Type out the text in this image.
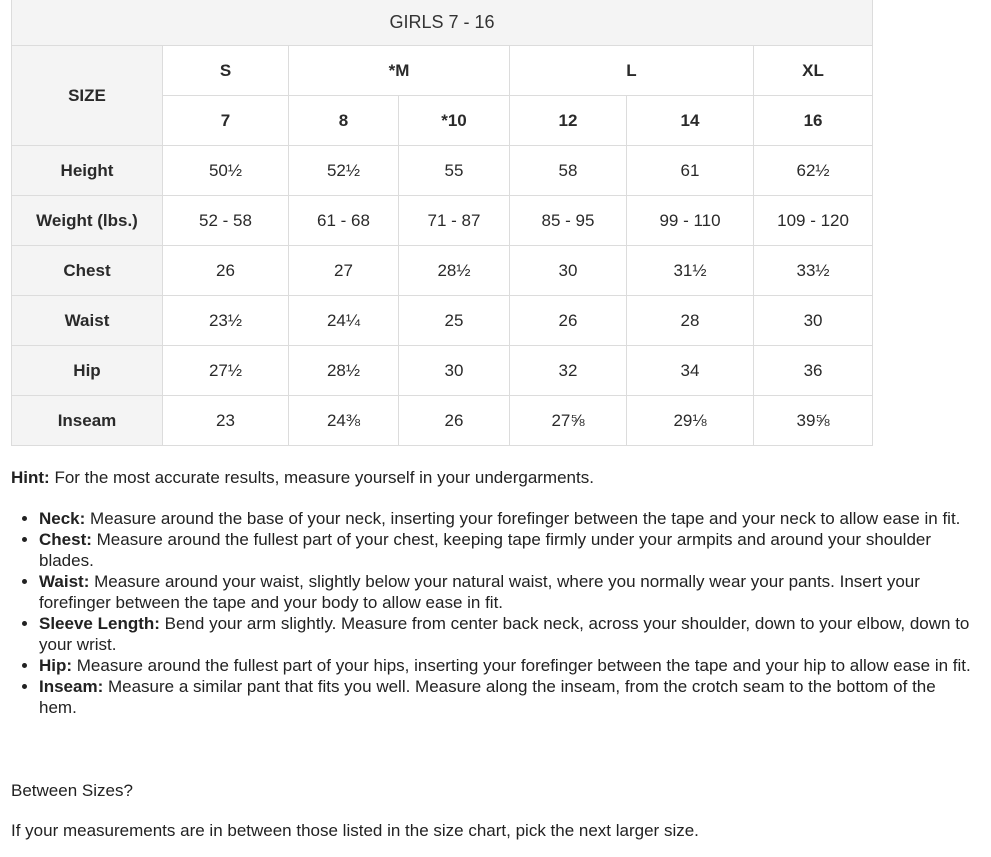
GIRLS 7 - 16						
SIZE	S	*M		L		XL
	7	8	*10	12	14	16
Height	50½	52½	55	58	61	62½
Weight (lbs.)	52 - 58	61 - 68	71 - 87	85 - 95	99 - 110	109 - 120
Chest	26	27	28½	30	31½	33½
Waist	23½	24¼	25	26	28	30
Hip	27½	28½	30	32	34	36
Inseam	23	24⅜	26	27⅝	29⅛	39⅝

Hint: For the most accurate results, measure yourself in your undergarments.

• Neck: Measure around the base of your neck, inserting your forefinger between the tape and your neck to allow ease in fit.
• Chest: Measure around the fullest part of your chest, keeping tape firmly under your armpits and around your shoulder blades.
• Waist: Measure around your waist, slightly below your natural waist, where you normally wear your pants. Insert your forefinger between the tape and your body to allow ease in fit.
• Sleeve Length: Bend your arm slightly. Measure from center back neck, across your shoulder, down to your elbow, down to your wrist.
• Hip: Measure around the fullest part of your hips, inserting your forefinger between the tape and your hip to allow ease in fit.
• Inseam: Measure a similar pant that fits you well. Measure along the inseam, from the crotch seam to the bottom of the hem.

Between Sizes?

If your measurements are in between those listed in the size chart, pick the next larger size.
